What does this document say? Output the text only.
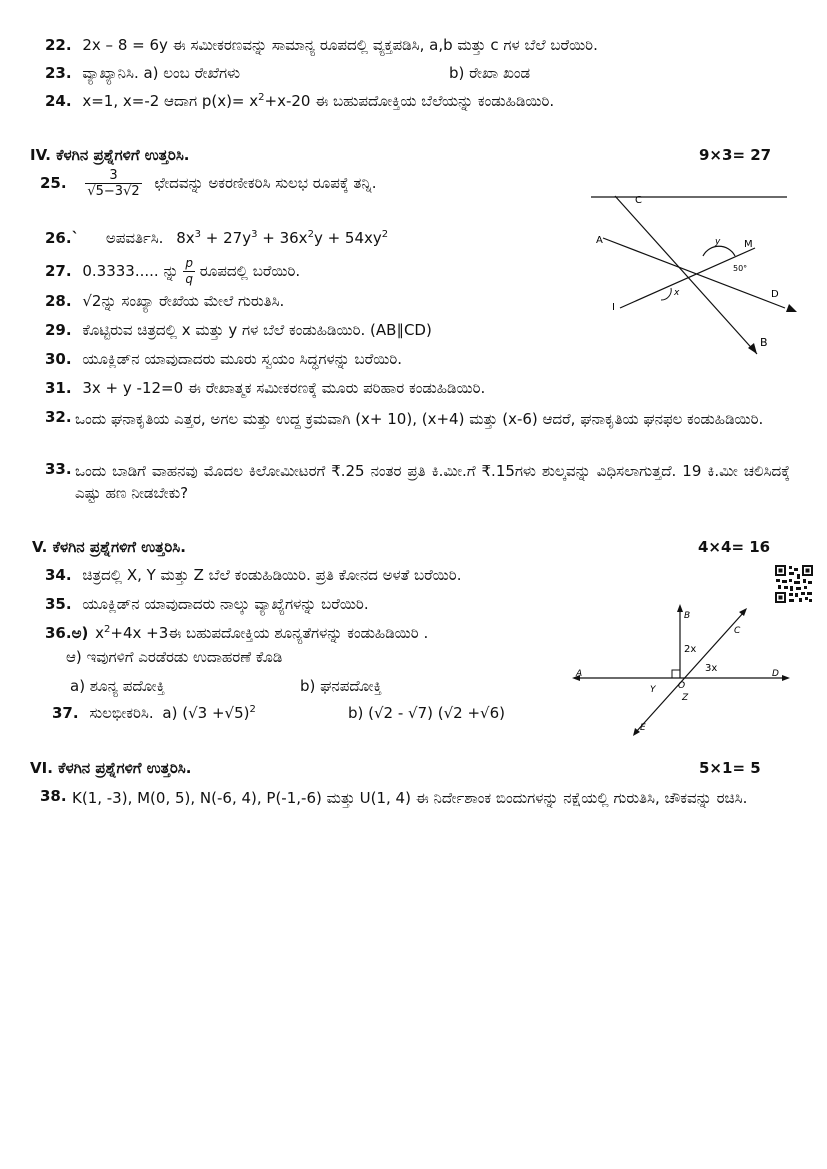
22. 2x – 8 = 6y ಈ ಸಮೀಕರಣವನ್ನು ಸಾಮಾನ್ಯ ರೂಪದಲ್ಲಿ ವ್ಯಕ್ತಪಡಿಸಿ, a,b ಮತ್ತು c ಗಳ ಬೆಲೆ ಬರೆಯಿರಿ.
23. ವ್ಯಾಖ್ಯಾನಿಸಿ. a) ಲಂಬ ರೇಖೆಗಳು	b) ರೇಖಾ ಖಂಡ
24. x=1, x=-2 ಆದಾಗ $p(x)= x^2+x-20$ ಈ ಬಹುಪದೋಕ್ತಿಯ ಬೆಲೆಯನ್ನು ಕಂಡುಹಿಡಿಯಿರಿ.
IV. ಕೆಳಗಿನ ಪ್ರಶ್ನೆಗಳಿಗೆ ಉತ್ತರಿಸಿ.	9×3= 27
25. $\frac{3}{√5-3√2}$ ಛೇದವನ್ನು ಅಕರಣೀಕರಿಸಿ ಸುಲಭ ರೂಪಕ್ಕೆ ತನ್ನಿ.
26.` ಅಪವರ್ತಿಸಿ. $8x^3 + 27y^3 + 36x^2y + 54xy^2$
27. 0.3333..... ನ್ನು $\frac{p}{q}$ ರೂಪದಲ್ಲಿ ಬರೆಯಿರಿ.
28. √2ನ್ನು ಸಂಖ್ಯಾ ರೇಖೆಯ ಮೇಲೆ ಗುರುತಿಸಿ.
29. ಕೊಟ್ಟಿರುವ ಚಿತ್ರದಲ್ಲಿ x ಮತ್ತು y ಗಳ ಬೆಲೆ ಕಂಡುಹಿಡಿಯಿರಿ. (AB∥CD)
30. ಯೂಕ್ಲಿಡ್‌ನ ಯಾವುದಾದರು ಮೂರು ಸ್ವಯಂ ಸಿದ್ಧಗಳನ್ನು ಬರೆಯಿರಿ.
31. 3x + y -12=0 ಈ ರೇಖಾತ್ಮಕ ಸಮೀಕರಣಕ್ಕೆ ಮೂರು ಪರಿಹಾರ ಕಂಡುಹಿಡಿಯಿರಿ.
32. ಒಂದು ಘನಾಕೃತಿಯ ಎತ್ತರ, ಅಗಲ ಮತ್ತು ಉದ್ದ ಕ್ರಮವಾಗಿ (x+ 10), (x+4) ಮತ್ತು (x-6) ಆದರೆ, ಘನಾಕೃತಿಯ ಘನಫಲ ಕಂಡುಹಿಡಿಯಿರಿ.
33. ಒಂದು ಬಾಡಿಗೆ ವಾಹನವು ಮೊದಲ ಕಿಲೋಮೀಟರಗೆ ₹.25 ನಂತರ ಪ್ರತಿ ಕಿ.ಮೀ.ಗೆ ₹.15ಗಳು ಶುಲ್ಕವನ್ನು ವಿಧಿಸಲಾಗುತ್ತದೆ. 19 ಕಿ.ಮೀ ಚಲಿಸಿದಕ್ಕೆ ಎಷ್ಟು ಹಣ ನೀಡಬೇಕು?
C
A
B
D
M
I
x
y
50°
V. ಕೆಳಗಿನ ಪ್ರಶ್ನೆಗಳಿಗೆ ಉತ್ತರಿಸಿ.	4×4= 16
34. ಚಿತ್ರದಲ್ಲಿ X, Y ಮತ್ತು Z ಬೆಲೆ ಕಂಡುಹಿಡಿಯಿರಿ. ಪ್ರತಿ ಕೋನದ ಅಳತೆ ಬರೆಯಿರಿ.
35. ಯೂಕ್ಲಿಡ್‌ನ ಯಾವುದಾದರು ನಾಲ್ಕು ವ್ಯಾಖ್ಯೆಗಳನ್ನು ಬರೆಯಿರಿ.
36.ಅ) $x^2+4x$ +3ಈ ಬಹುಪದೋಕ್ತಿಯ ಶೂನ್ಯತೆಗಳನ್ನು ಕಂಡುಹಿಡಿಯಿರಿ .
ಆ) ಇವುಗಳಿಗೆ ಎರಡೆರಡು ಉದಾಹರಣೆ ಕೊಡಿ
a) ಶೂನ್ಯ ಪದೋಕ್ತಿ	b) ಘನಪದೋಕ್ತಿ
37. ಸುಲಭೀಕರಿಸಿ. a) $(√3 +√5)^2$	b) (√2 - √7) (√2 +√6)
A
B
C
D
E
O
Y
Z
2x
3x
VI. ಕೆಳಗಿನ ಪ್ರಶ್ನೆಗಳಿಗೆ ಉತ್ತರಿಸಿ.	5×1= 5
38. K(1, -3), M(0, 5), N(-6, 4), P(-1,-6) ಮತ್ತು U(1, 4) ಈ ನಿರ್ದೇಶಾಂಕ ಬಿಂದುಗಳನ್ನು ನಕ್ಷೆಯಲ್ಲಿ ಗುರುತಿಸಿ, ಚೌಕವನ್ನು ರಚಿಸಿ.
